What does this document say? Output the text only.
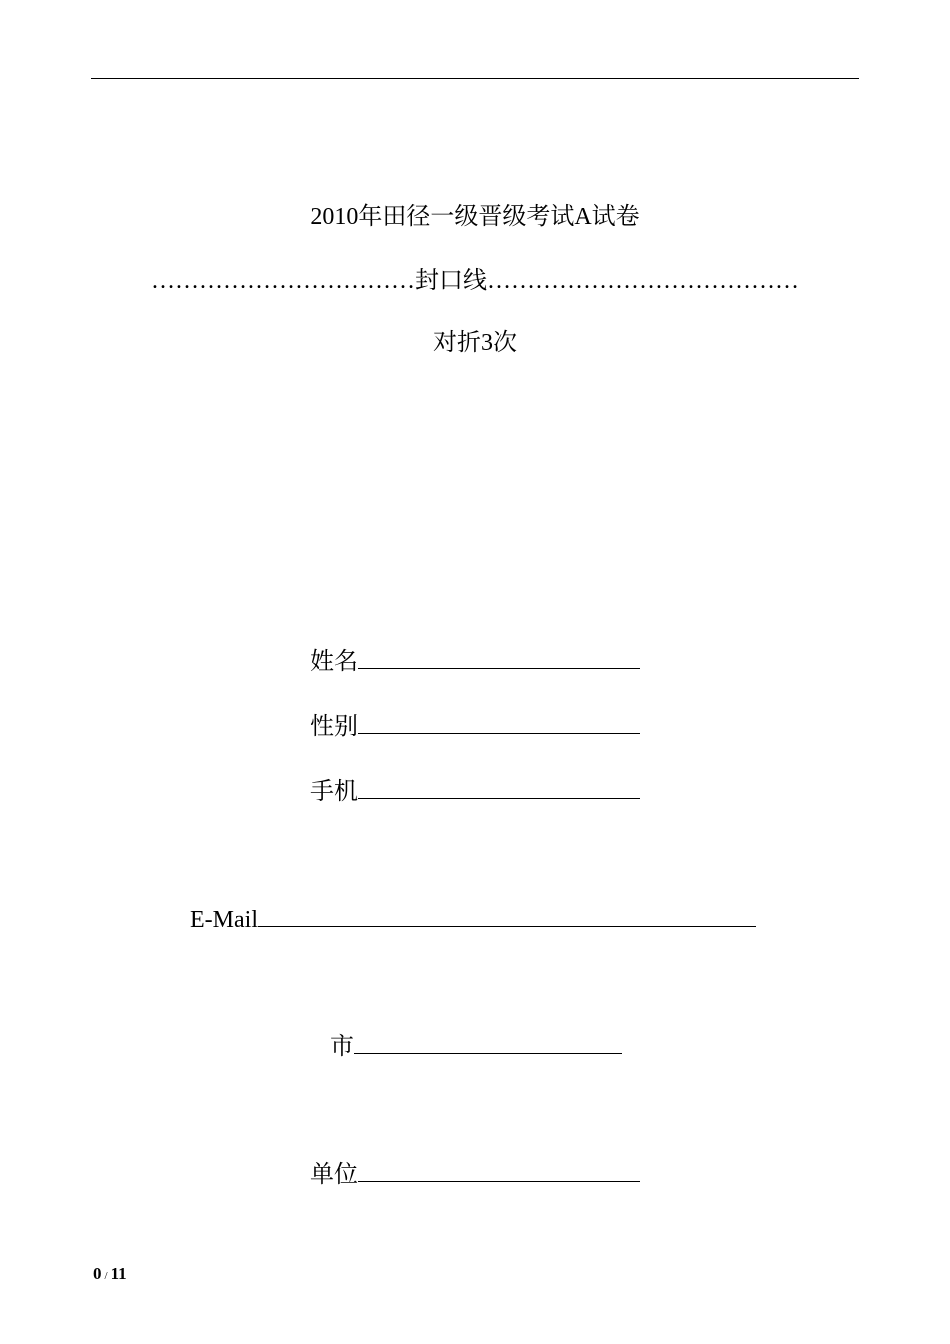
2010年田径一级晋级考试A试卷
……………………………封口线…………………………………
对折3次
姓名
性别
手机
E-Mail
市
单位
0 / 11
